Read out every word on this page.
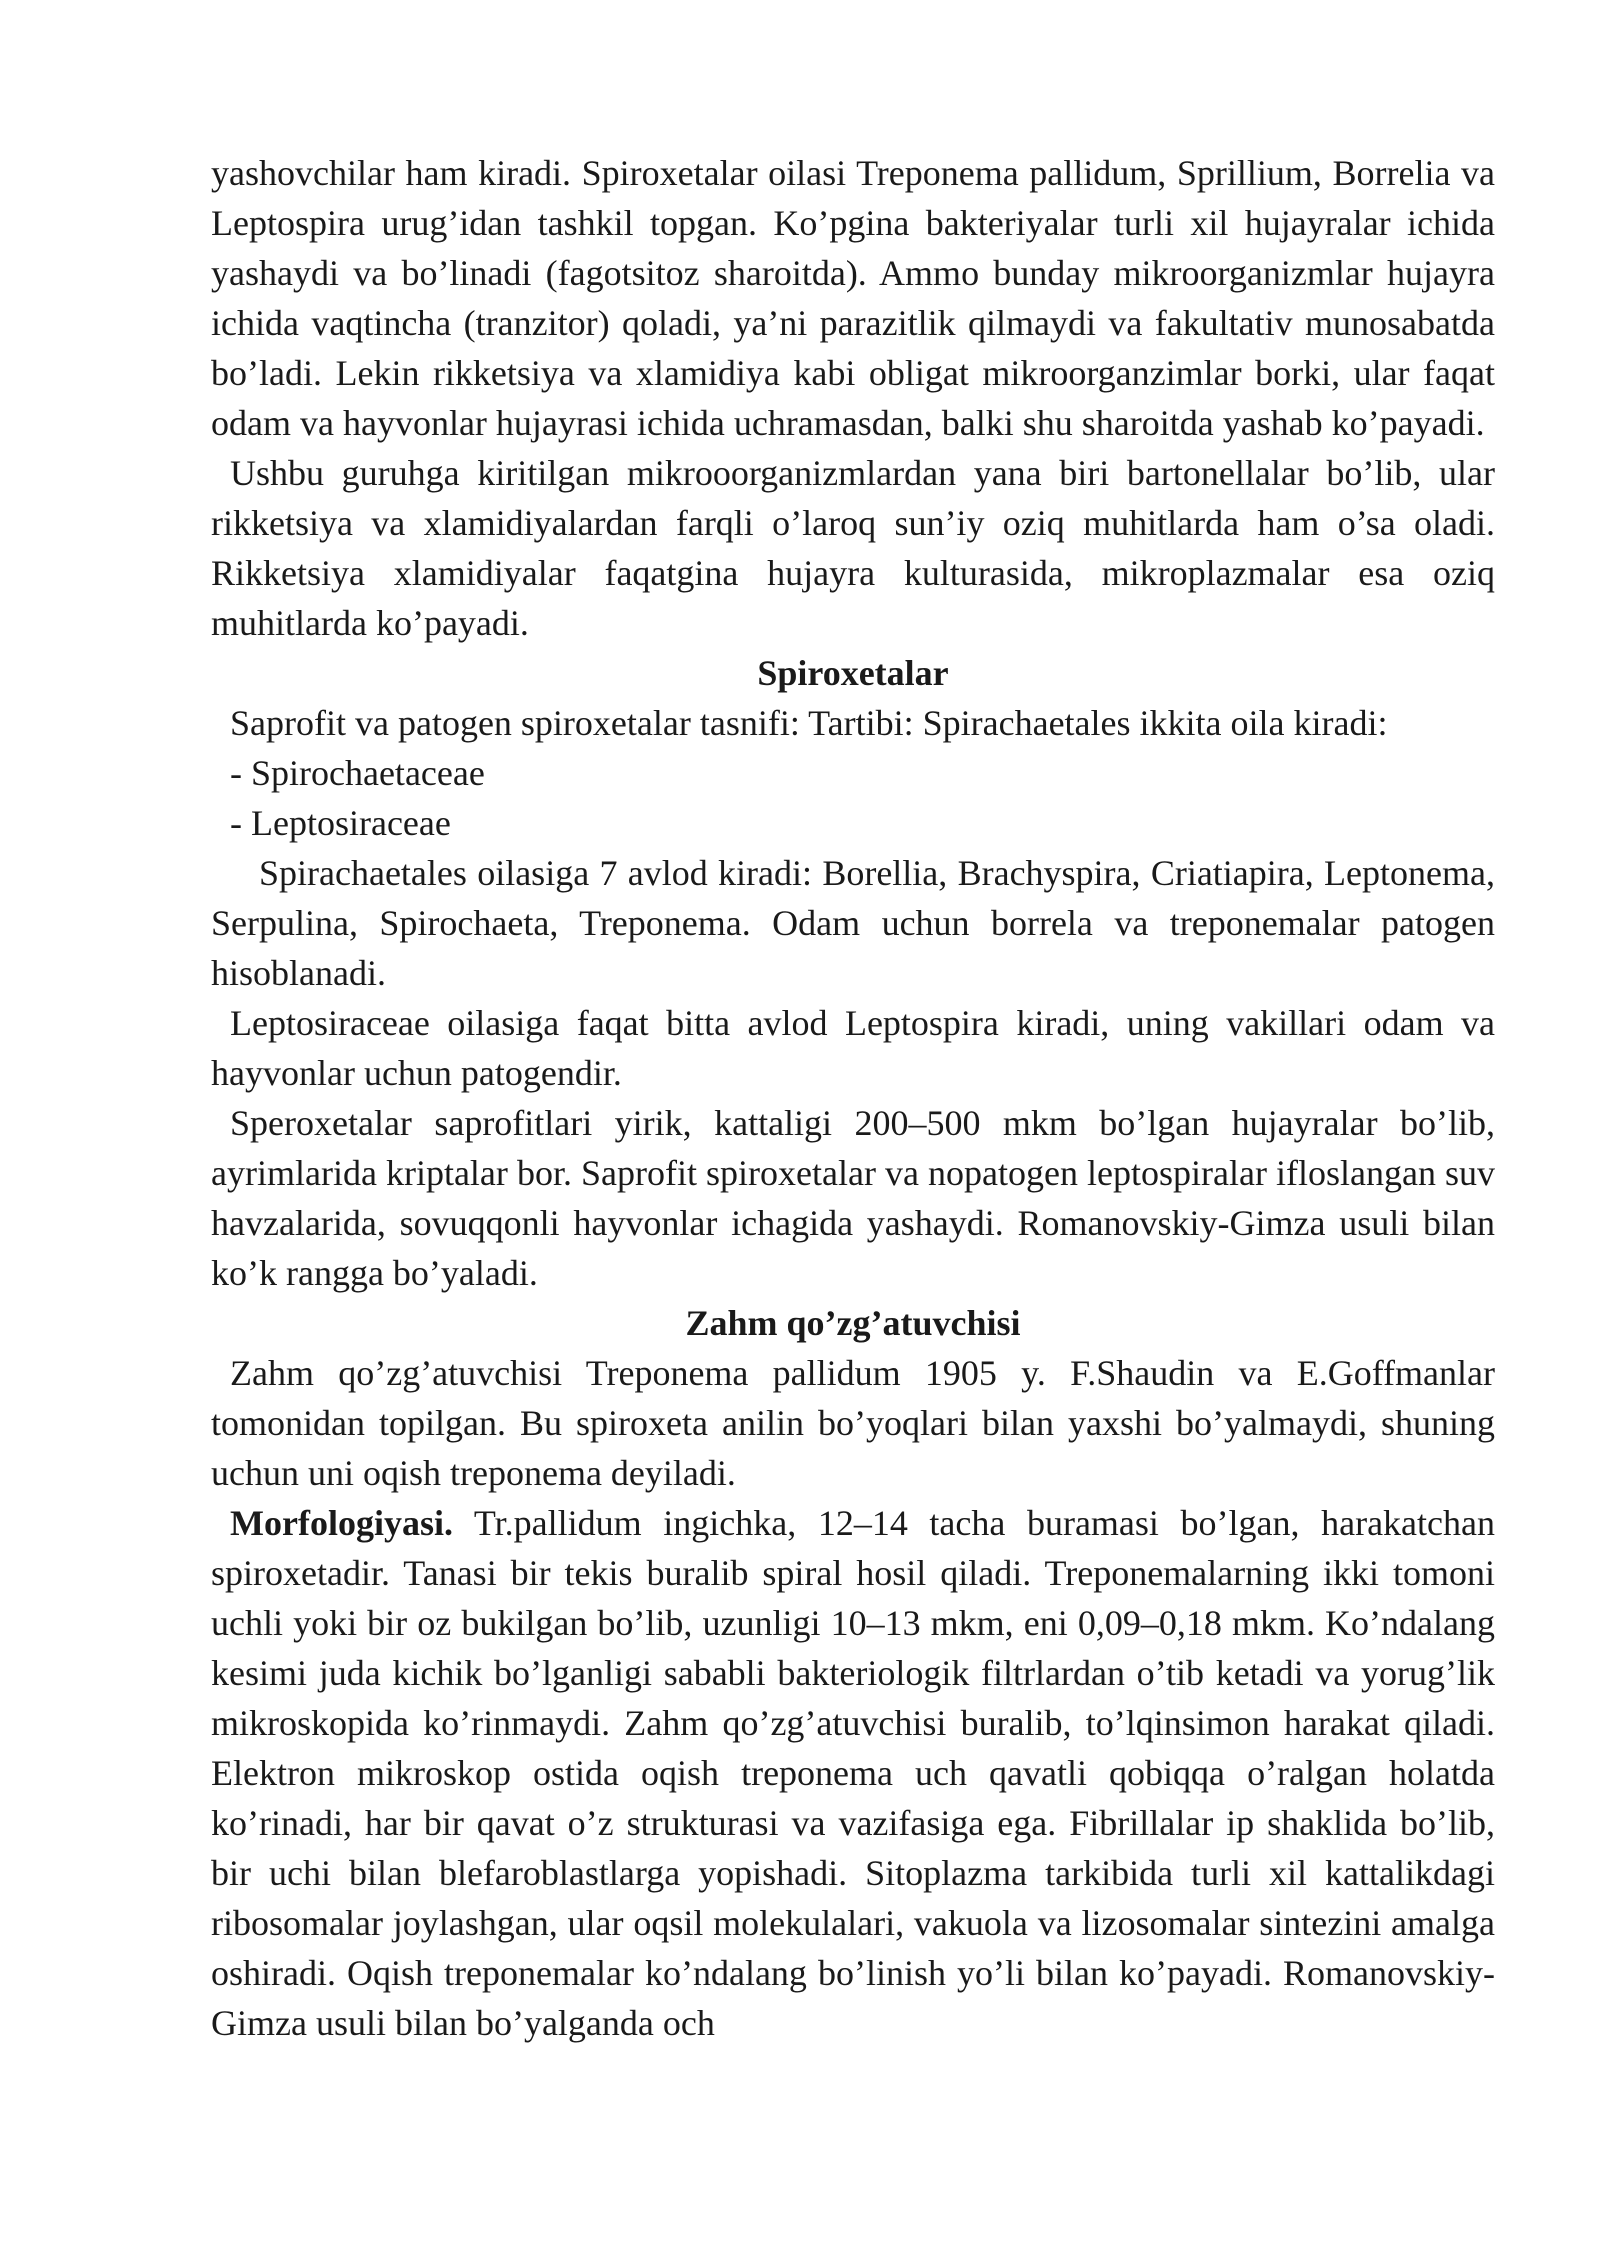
yashovchilar ham kiradi. Spiroxetalar oilasi Treponema pallidum, Sprillium, Borrelia va Leptospira urug’idan tashkil topgan. Ko’pgina bakteriyalar turli xil hujayralar ichida yashaydi va bo’linadi (fagotsitoz sharoitda). Ammo bunday mikroorganizmlar hujayra ichida vaqtincha (tranzitor) qoladi, ya’ni parazitlik qilmaydi va fakultativ munosabatda bo’ladi. Lekin rikketsiya va xlamidiya kabi obligat mikroorganzimlar borki, ular faqat odam va hayvonlar hujayrasi ichida uchramasdan, balki shu sharoitda yashab ko’payadi.

Ushbu guruhga kiritilgan mikrooorganizmlardan yana biri bartonellalar bo’lib, ular rikketsiya va xlamidiyalardan farqli o’laroq sun’iy oziq muhitlarda ham o’sa oladi. Rikketsiya xlamidiyalar faqatgina hujayra kulturasida, mikroplazmalar esa oziq muhitlarda ko’payadi.

Spiroxetalar

Saprofit va patogen spiroxetalar tasnifi: Tartibi: Spirachaetales ikkita oila kiradi:

- Spirochaetaceae

- Leptosiraceae

Spirachaetales oilasiga 7 avlod kiradi: Borellia, Brachyspira, Criatiapira, Leptonema, Serpulina, Spirochaeta, Treponema. Odam uchun borrela va treponemalar patogen hisoblanadi.

Leptosiraceae oilasiga faqat bitta avlod Leptospira kiradi, uning vakillari odam va hayvonlar uchun patogendir.

Speroxetalar saprofitlari yirik, kattaligi 200–500 mkm bo’lgan hujayralar bo’lib, ayrimlarida kriptalar bor. Saprofit spiroxetalar va nopatogen leptospiralar ifloslangan suv havzalarida, sovuqqonli hayvonlar ichagida yashaydi. Romanovskiy-Gimza usuli bilan ko’k rangga bo’yaladi.

Zahm qo’zg’atuvchisi

Zahm qo’zg’atuvchisi Treponema pallidum 1905 y. F.Shaudin va E.Goffmanlar tomonidan topilgan. Bu spiroxeta anilin bo’yoqlari bilan yaxshi bo’yalmaydi, shuning uchun uni oqish treponema deyiladi.

Morfologiyasi. Tr.pallidum ingichka, 12–14 tacha buramasi bo’lgan, harakatchan spiroxetadir. Tanasi bir tekis buralib spiral hosil qiladi. Treponemalarning ikki tomoni uchli yoki bir oz bukilgan bo’lib, uzunligi 10–13 mkm, eni 0,09–0,18 mkm. Ko’ndalang kesimi juda kichik bo’lganligi sababli bakteriologik filtrlardan o’tib ketadi va yorug’lik mikroskopida ko’rinmaydi. Zahm qo’zg’atuvchisi buralib, to’lqinsimon harakat qiladi. Elektron mikroskop ostida oqish treponema uch qavatli qobiqqa o’ralgan holatda ko’rinadi, har bir qavat o’z strukturasi va vazifasiga ega. Fibrillalar ip shaklida bo’lib, bir uchi bilan blefaroblastlarga yopishadi. Sitoplazma tarkibida turli xil kattalikdagi ribosomalar joylashgan, ular oqsil molekulalari, vakuola va lizosomalar sintezini amalga oshiradi. Oqish treponemalar ko’ndalang bo’linish yo’li bilan ko’payadi. Romanovskiy-Gimza usuli bilan bo’yalganda och
